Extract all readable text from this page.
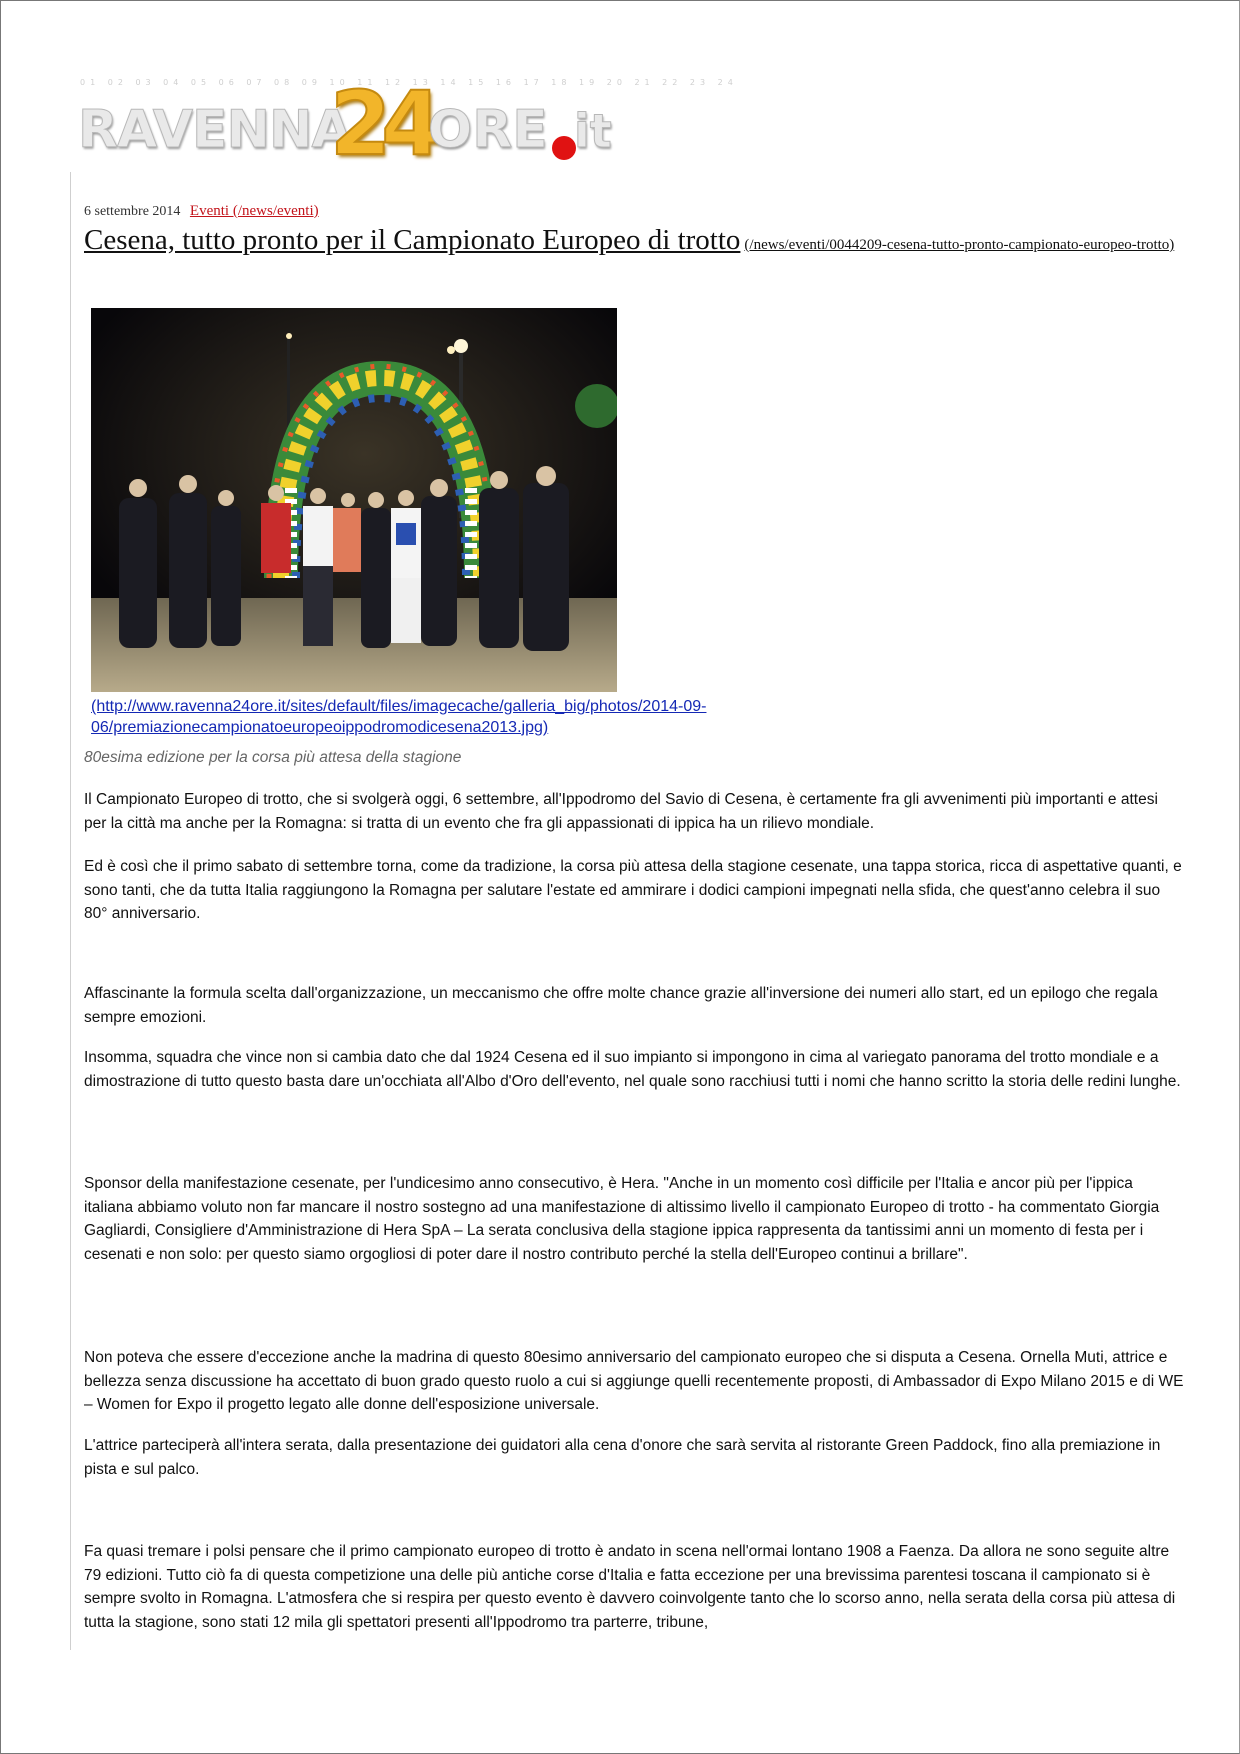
01 02 03 04 05 06 07 08 09 10 11 12 13 14 15 16 17 18 19 20 21 22 23 24
RAVENNA
24
ORE it
6 settembre 2014 Eventi (/news/eventi)
Cesena, tutto pronto per il Campionato Europeo di trotto (/news/eventi/0044209-cesena-tutto-pronto-campionato-europeo-trotto)
(http://www.ravenna24ore.it/sites/default/files/imagecache/galleria_big/photos/2014-09-06/premiazionecampionatoeuropeoippodromodicesena2013.jpg)
80esima edizione per la corsa più attesa della stagione

Il Campionato Europeo di trotto, che si svolgerà oggi, 6 settembre, all'Ippodromo del Savio di Cesena, è certamente fra gli avvenimenti più importanti e attesi per la città ma anche per la Romagna: si tratta di un evento che fra gli appassionati di ippica ha un rilievo mondiale.

Ed è così che il primo sabato di settembre torna, come da tradizione, la corsa più attesa della stagione cesenate, una tappa storica, ricca di aspettative quanti, e sono tanti, che da tutta Italia raggiungono la Romagna per salutare l'estate ed ammirare i dodici campioni impegnati nella sfida, che quest'anno celebra il suo 80° anniversario.

Affascinante la formula scelta dall'organizzazione, un meccanismo che offre molte chance grazie all'inversione dei numeri allo start, ed un epilogo che regala sempre emozioni.

Insomma, squadra che vince non si cambia dato che dal 1924 Cesena ed il suo impianto si impongono in cima al variegato panorama del trotto mondiale e a dimostrazione di tutto questo basta dare un'occhiata all'Albo d'Oro dell'evento, nel quale sono racchiusi tutti i nomi che hanno scritto la storia delle redini lunghe.

Sponsor della manifestazione cesenate, per l'undicesimo anno consecutivo, è Hera. "Anche in un momento così difficile per l'Italia e ancor più per l'ippica italiana abbiamo voluto non far mancare il nostro sostegno ad una manifestazione di altissimo livello il campionato Europeo di trotto - ha commentato Giorgia Gagliardi, Consigliere d'Amministrazione di Hera SpA – La serata conclusiva della stagione ippica rappresenta da tantissimi anni un momento di festa per i cesenati e non solo: per questo siamo orgogliosi di poter dare il nostro contributo perché la stella dell'Europeo continui a brillare".

Non poteva che essere d'eccezione anche la madrina di questo 80esimo anniversario del campionato europeo che si disputa a Cesena. Ornella Muti, attrice e bellezza senza discussione ha accettato di buon grado questo ruolo a cui si aggiunge quelli recentemente proposti, di Ambassador di Expo Milano 2015 e di WE – Women for Expo il progetto legato alle donne dell'esposizione universale.

L'attrice parteciperà all'intera serata, dalla presentazione dei guidatori alla cena d'onore che sarà servita al ristorante Green Paddock, fino alla premiazione in pista e sul palco.

Fa quasi tremare i polsi pensare che il primo campionato europeo di trotto è andato in scena nell'ormai lontano 1908 a Faenza. Da allora ne sono seguite altre 79 edizioni. Tutto ciò fa di questa competizione una delle più antiche corse d'Italia e fatta eccezione per una brevissima parentesi toscana il campionato si è sempre svolto in Romagna. L'atmosfera che si respira per questo evento è davvero coinvolgente tanto che lo scorso anno, nella serata della corsa più attesa di tutta la stagione, sono stati 12 mila gli spettatori presenti all'Ippodromo tra parterre, tribune,
